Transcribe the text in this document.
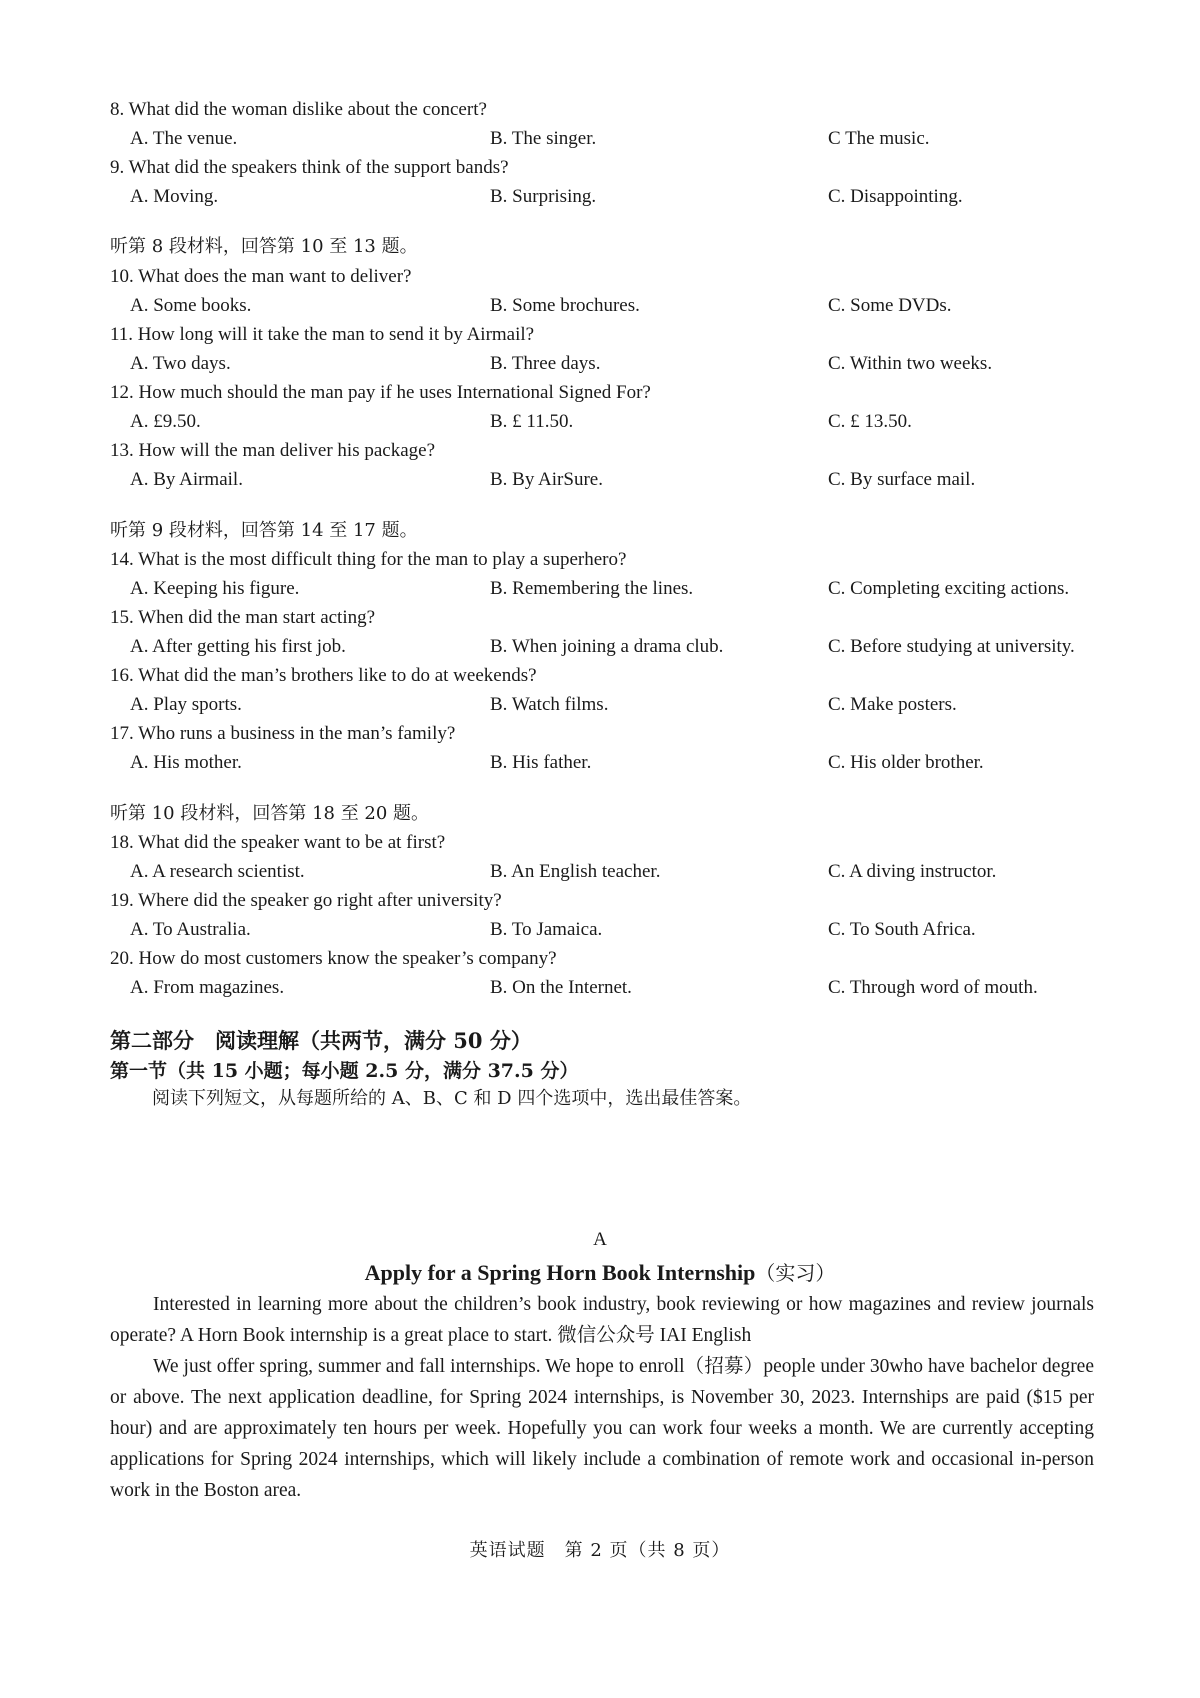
8. What did the woman dislike about the concert?
A. The venue.	B. The singer.	C The music.
9. What did the speakers think of the support bands?
A. Moving.	B. Surprising.	C. Disappointing.
听第 8 段材料，回答第 10 至 13 题。
10. What does the man want to deliver?
A. Some books.	B. Some brochures.	C. Some DVDs.
11. How long will it take the man to send it by Airmail?
A. Two days.	B. Three days.	C. Within two weeks.
12. How much should the man pay if he uses International Signed For?
A. £9.50.	B. £ 11.50.	C. £ 13.50.
13. How will the man deliver his package?
A. By Airmail.	B. By AirSure.	C. By surface mail.
听第 9 段材料，回答第 14 至 17 题。
14. What is the most difficult thing for the man to play a superhero?
A. Keeping his figure.	B. Remembering the lines.	C. Completing exciting actions.
15. When did the man start acting?
A. After getting his first job.	B. When joining a drama club.	C. Before studying at university.
16. What did the man’s brothers like to do at weekends?
A. Play sports.	B. Watch films.	C. Make posters.
17. Who runs a business in the man’s family?
A. His mother.	B. His father.	C. His older brother.
听第 10 段材料，回答第 18 至 20 题。
18. What did the speaker want to be at first?
A. A research scientist.	B. An English teacher.	C. A diving instructor.
19. Where did the speaker go right after university?
A. To Australia.	B. To Jamaica.	C. To South Africa.
20. How do most customers know the speaker’s company?
A. From magazines.	B. On the Internet.	C. Through word of mouth.
第二部分　阅读理解（共两节，满分 50 分）
第一节（共 15 小题；每小题 2.5 分，满分 37.5 分）
阅读下列短文，从每题所给的 A、B、C 和 D 四个选项中，选出最佳答案。
A
Apply for a Spring Horn Book Internship（实习）

Interested in learning more about the children’s book industry, book reviewing or how magazines and review journals operate? A Horn Book internship is a great place to start. 微信公众号 IAI English

We just offer spring, summer and fall internships. We hope to enroll（招募）people under 30who have bachelor degree or above. The next application deadline, for Spring 2024 internships, is November 30, 2023. Internships are paid ($15 per hour) and are approximately ten hours per week. Hopefully you can work four weeks a month. We are currently accepting applications for Spring 2024 internships, which will likely include a combination of remote work and occasional in-person work in the Boston area.

英语试题　第 2 页（共 8 页）
